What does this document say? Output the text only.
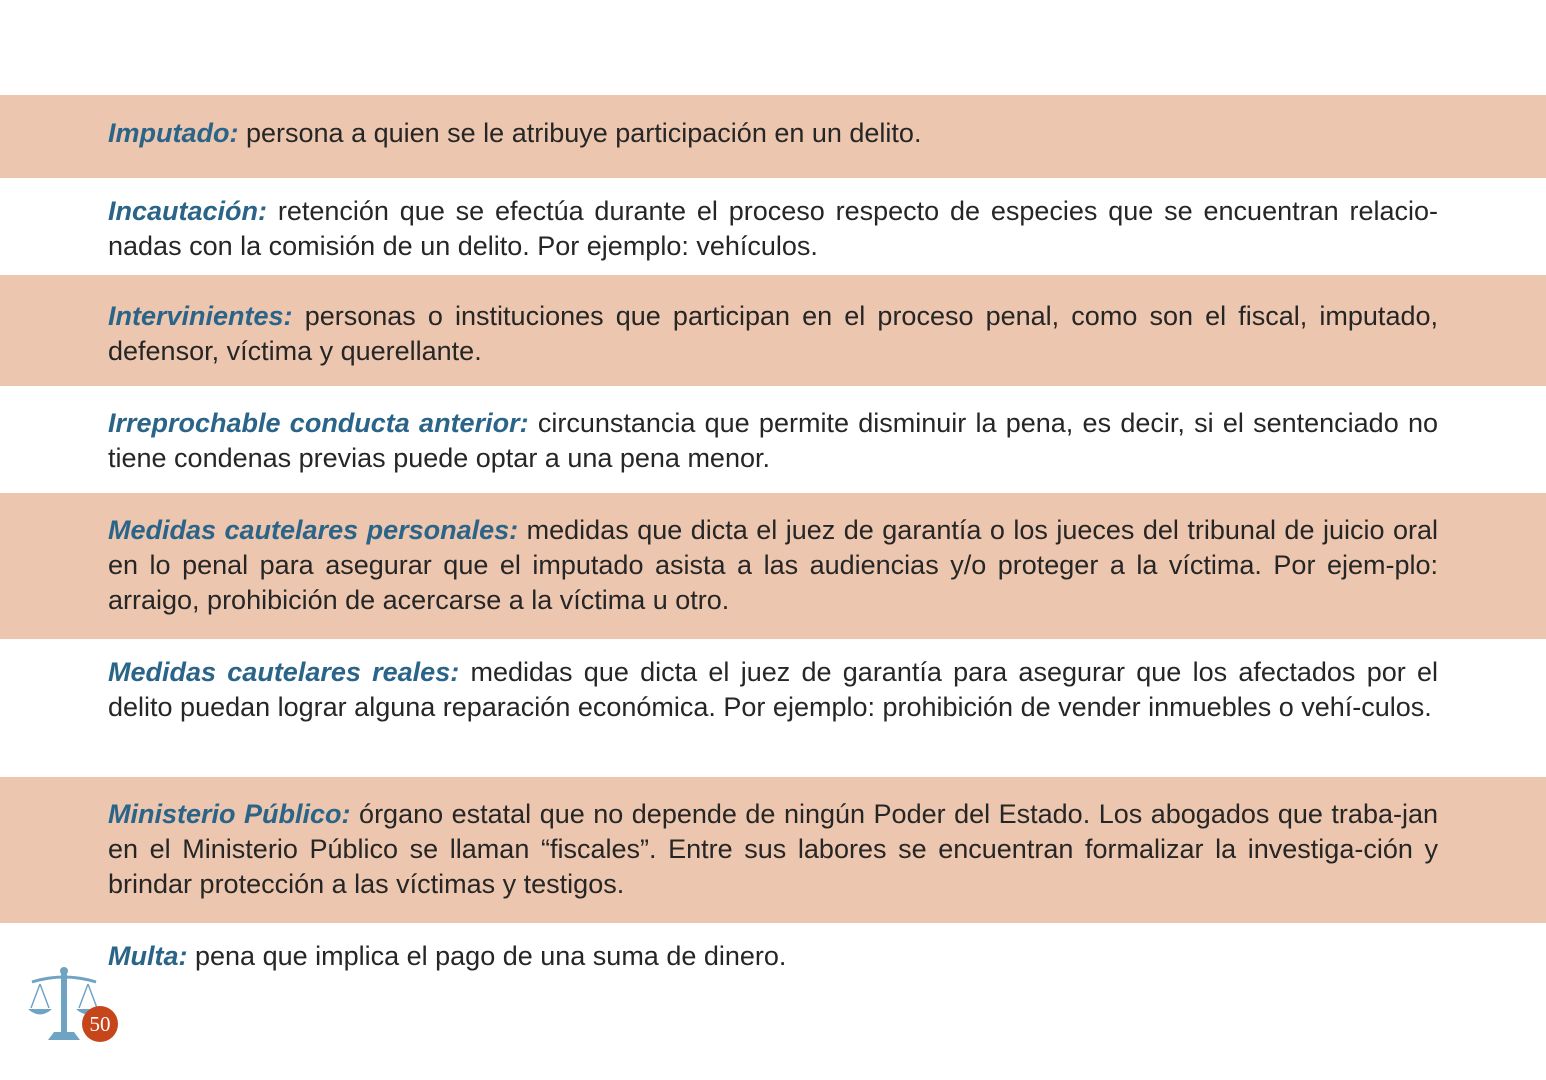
Imputado: persona a quien se le atribuye participación en un delito.
Incautación: retención que se efectúa durante el proceso respecto de especies que se encuentran relacio-nadas con la comisión de un delito. Por ejemplo: vehículos.
Intervinientes: personas o instituciones que participan en el proceso penal, como son el fiscal, imputado, defensor, víctima y querellante.
Irreprochable conducta anterior: circunstancia que permite disminuir la pena, es decir, si el sentenciado no tiene condenas previas puede optar a una pena menor.
Medidas cautelares personales: medidas que dicta el juez de garantía o los jueces del tribunal de juicio oral en lo penal para asegurar que el imputado asista a las audiencias y/o proteger a la víctima. Por ejem-plo: arraigo, prohibición de acercarse a la víctima u otro.
Medidas cautelares reales: medidas que dicta el juez de garantía para asegurar que los afectados por el delito puedan lograr alguna reparación económica. Por ejemplo: prohibición de vender inmuebles o vehí-culos.
Ministerio Público: órgano estatal que no depende de ningún Poder del Estado. Los abogados que traba-jan en el Ministerio Público se llaman “fiscales”. Entre sus labores se encuentran formalizar la investiga-ción y brindar protección a las víctimas y testigos.
Multa: pena que implica el pago de una suma de dinero.
50
